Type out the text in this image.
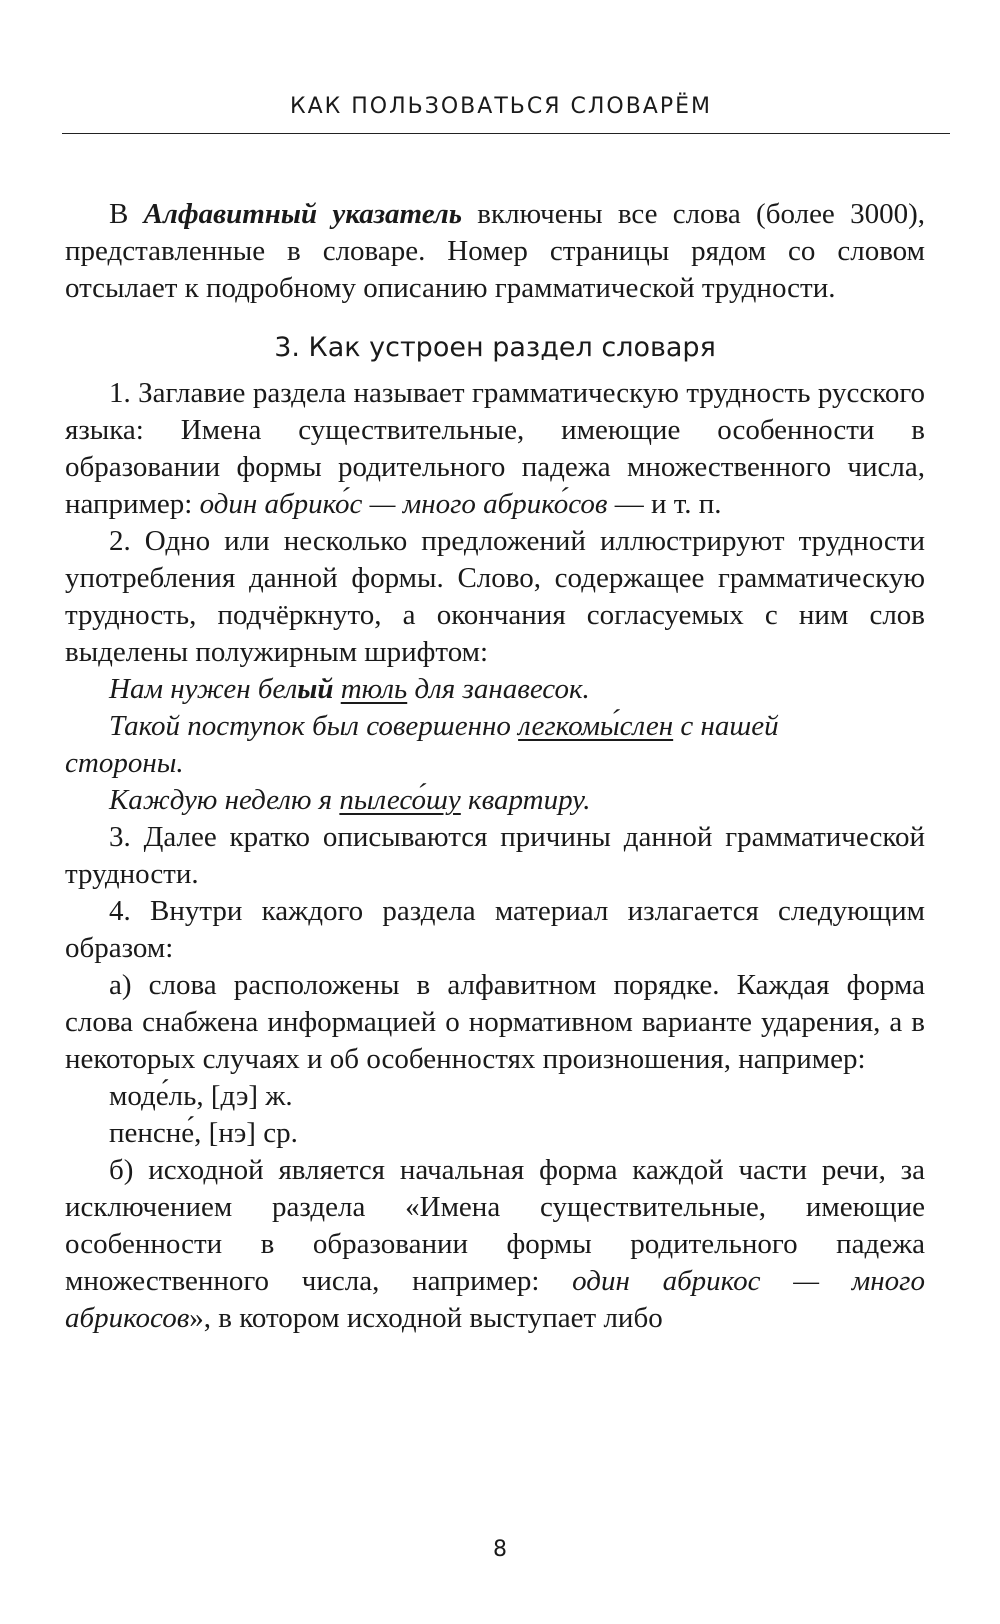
КАК ПОЛЬЗОВАТЬСЯ СЛОВАРЁМ

В Алфавитный указатель включены все слова (более 3000), представленные в словаре. Номер страницы рядом со словом отсылает к подробному описанию грамматической трудности.

3. Как устроен раздел словаря

1. Заглавие раздела называет грамматическую трудность русского языка: Имена существительные, имеющие особенности в образовании формы родительного падежа множественного числа, например: один абрико́с — много абрико́сов — и т. п.

2. Одно или несколько предложений иллюстрируют трудности употребления данной формы. Слово, содержащее грамматическую трудность, подчёркнуто, а окончания согласуемых с ним слов выделены полужирным шрифтом:

Нам нужен белый тюль для занавесок.

Такой поступок был совершенно легкомы́слен с нашей
стороны.

Каждую неделю я пылесо́шу квартиру.

3. Далее кратко описываются причины данной грамматической трудности.

4. Внутри каждого раздела материал излагается следующим образом:

а) слова расположены в алфавитном порядке. Каждая форма слова снабжена информацией о нормативном варианте ударения, а в некоторых случаях и об особенностях произношения, например:

моде́ль, [дэ] ж.

пенсне́, [нэ] ср.

б) исходной является начальная форма каждой части речи, за исключением раздела «Имена существительные, имеющие особенности в образовании формы родительного падежа множественного числа, например: один абрикос — много абрикосов», в котором исходной выступает либо

8
